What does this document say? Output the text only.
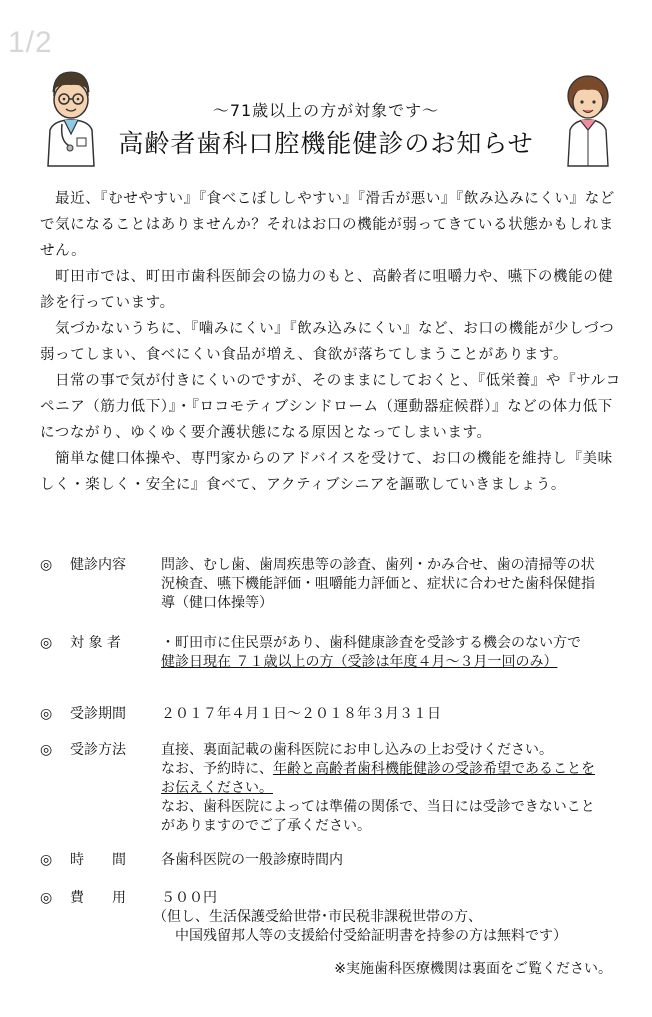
1/2
～71歳以上の方が対象です～
高齢者歯科口腔機能健診のお知らせ

最近、『むせやすい』『食べこぼししやすい』『滑舌が悪い』『飲み込みにくい』などで気になることはありませんか？それはお口の機能が弱ってきている状態かもしれません。

町田市では、町田市歯科医師会の協力のもと、高齢者に咀嚼力や、嚥下の機能の健診を行っています。

気づかないうちに、『噛みにくい』『飲み込みにくい』など、お口の機能が少しづつ弱ってしまい、食べにくい食品が増え、食欲が落ちてしまうことがあります。

日常の事で気が付きにくいのですが、そのままにしておくと、『低栄養』や『サルコペニア（筋力低下）』・『ロコモティブシンドローム（運動器症候群）』などの体力低下につながり、ゆくゆく要介護状態になる原因となってしまいます。

簡単な健口体操や、専門家からのアドバイスを受けて、お口の機能を維持し『美味しく・楽しく・安全に』食べて、アクティブシニアを謳歌していきましょう。

◎ 健診内容	問診、むし歯、歯周疾患等の診査、歯列・かみ合せ、歯の清掃等の状
況検査、嚥下機能評価・咀嚼能力評価と、症状に合わせた歯科保健指
導（健口体操等）
◎ 対 象 者	・町田市に住民票があり、歯科健康診査を受診する機会のない方で
健診日現在 ７１歳以上の方（受診は年度４月～３月一回のみ）
◎ 受診期間	２０１７年４月１日～２０１８年３月３１日
◎ 受診方法	直接、裏面記載の歯科医院にお申し込みの上お受けください。
なお、予約時に、年齢と高齢者歯科機能健診の受診希望であることを
お伝えください。
なお、歯科医院によっては準備の関係で、当日には受診できないこと
がありますのでご了承ください。
◎ 時　　間	各歯科医院の一般診療時間内
◎ 費　　用	５００円
（但し、生活保護受給世帯･市民税非課税世帯の方、
中国残留邦人等の支援給付受給証明書を持参の方は無料です）
※実施歯科医療機関は裏面をご覧ください。
